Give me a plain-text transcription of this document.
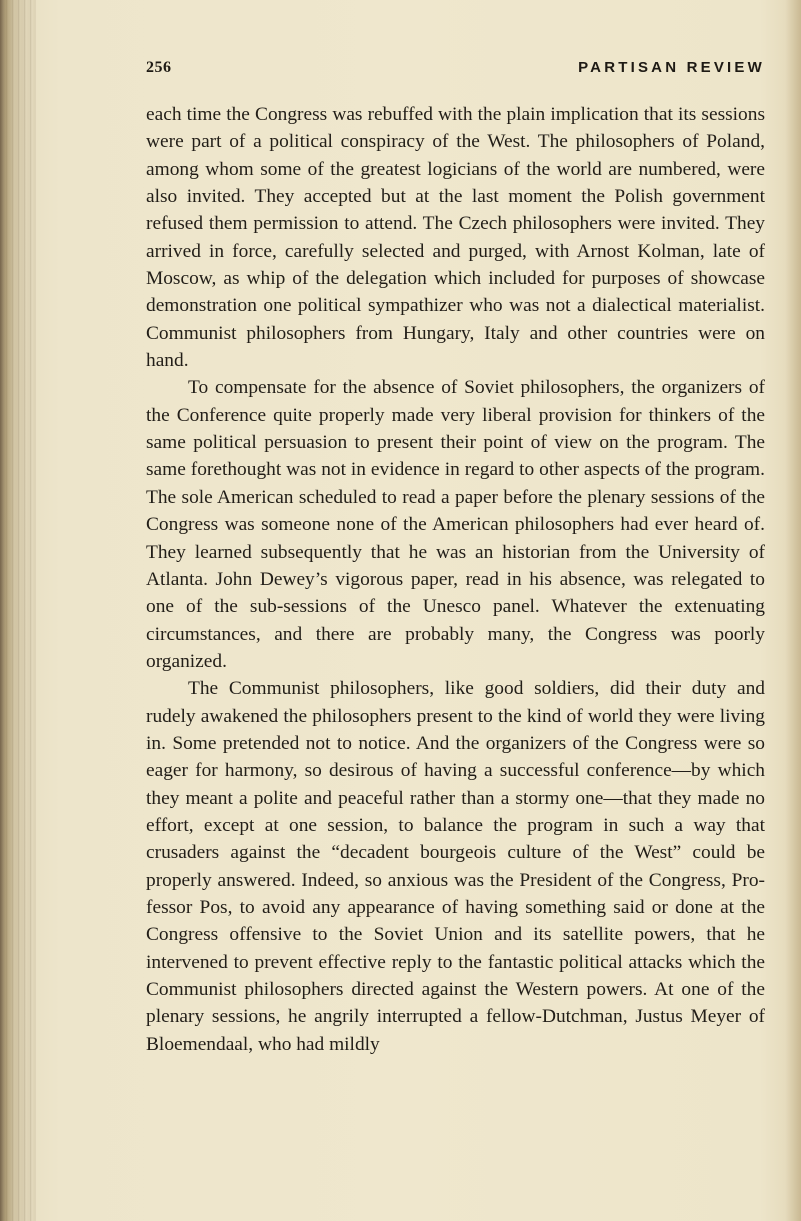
256	PARTISAN REVIEW

each time the Congress was rebuffed with the plain implication that its sessions were part of a political conspiracy of the West. The philosophers of Poland, among whom some of the greatest logicians of the world are numbered, were also invited. They accepted but at the last moment the Polish government refused them permission to attend. The Czech philosophers were invited. They arrived in force, carefully selected and purged, with Arnost Kolman, late of Moscow, as whip of the delegation which included for purposes of showcase demonstration one political sympathizer who was not a dialectical materialist. Communist philosophers from Hungary, Italy and other countries were on hand.

To compensate for the absence of Soviet philosophers, the organizers of the Conference quite properly made very liberal provision for thinkers of the same political persuasion to present their point of view on the program. The same forethought was not in evidence in regard to other aspects of the program. The sole American scheduled to read a paper before the plenary sessions of the Congress was someone none of the American philosophers had ever heard of. They learned subsequently that he was an historian from the University of Atlanta. John Dewey’s vigorous paper, read in his absence, was relegated to one of the sub-sessions of the Unesco panel. Whatever the extenuating circumstances, and there are probably many, the Congress was poorly organized.

The Communist philosophers, like good soldiers, did their duty and rudely awakened the philosophers present to the kind of world they were living in. Some pretended not to notice. And the organizers of the Congress were so eager for harmony, so desirous of having a successful conference—by which they meant a polite and peaceful rather than a stormy one—that they made no effort, except at one session, to balance the program in such a way that crusaders against the “decadent bourgeois culture of the West” could be properly answered. Indeed, so anxious was the President of the Congress, Professor Pos, to avoid any appearance of having something said or done at the Congress offensive to the Soviet Union and its satellite powers, that he intervened to prevent effective reply to the fantastic political attacks which the Communist philosophers directed against the Western powers. At one of the plenary sessions, he angrily interrupted a fellow-Dutchman, Justus Meyer of Bloemendaal, who had mildly
